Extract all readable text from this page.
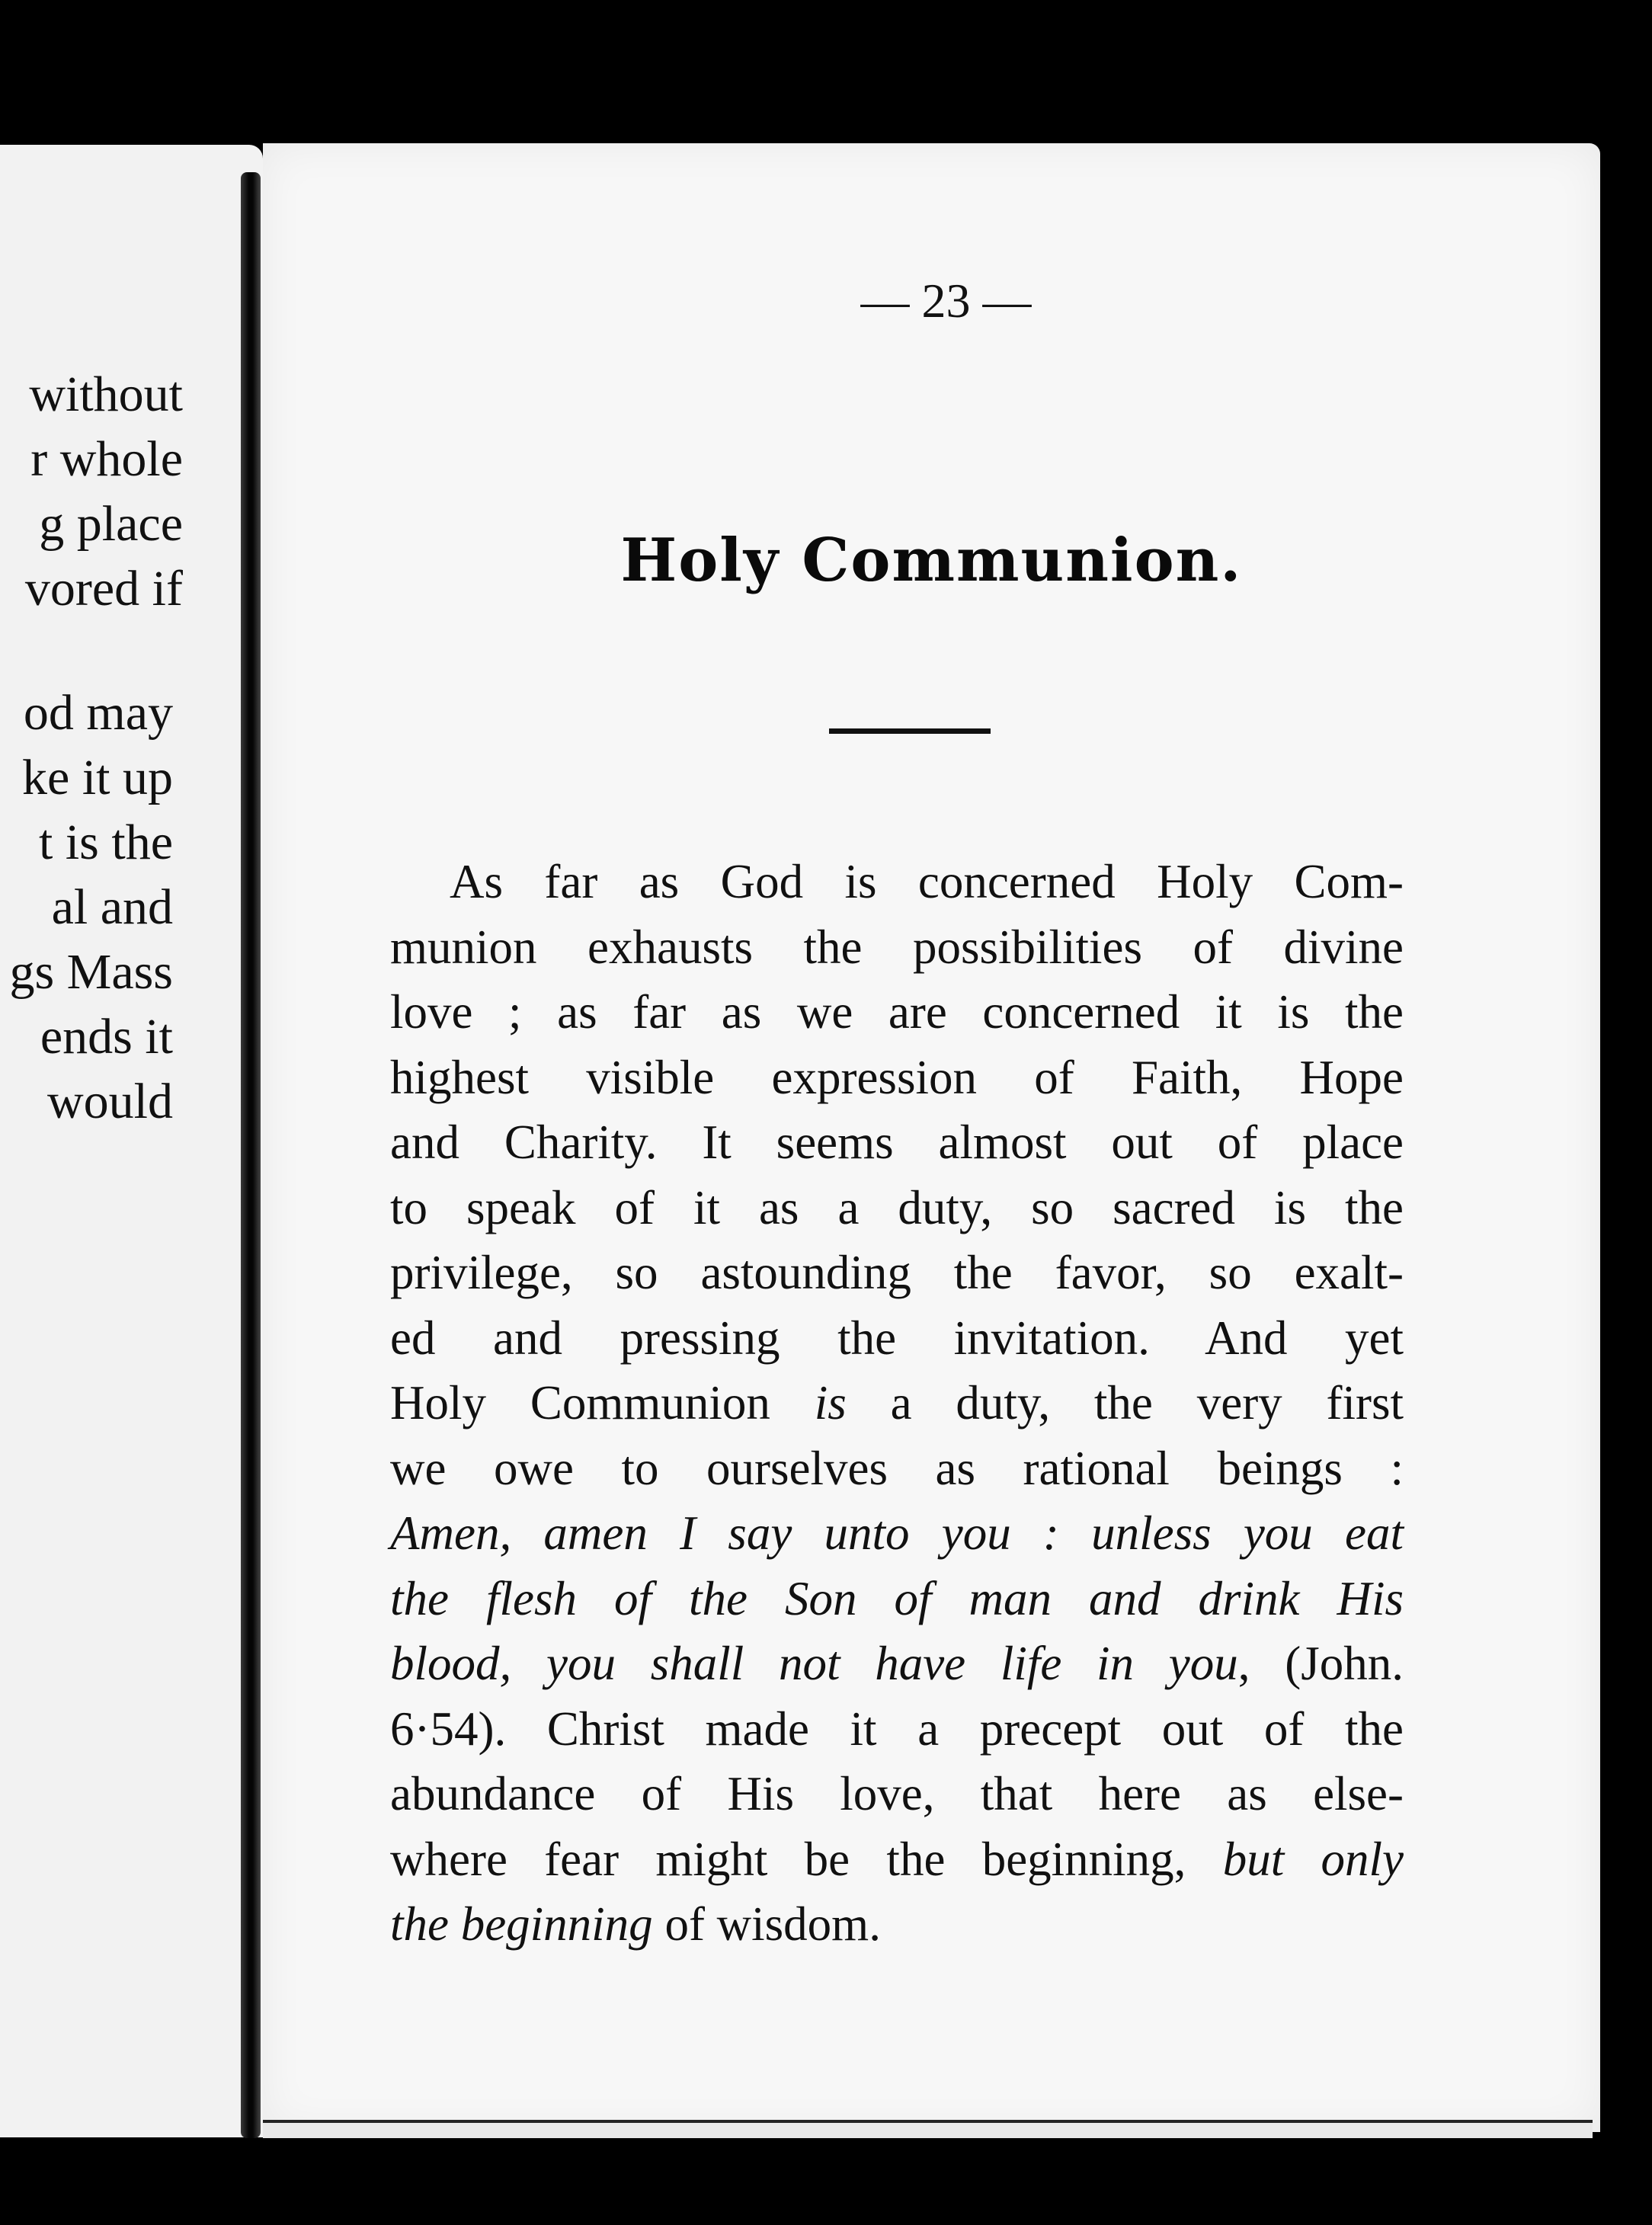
without
r whole
g place
vored if
od may
ke it up
t is the
al and
gs Mass
ends it
would
— 23 —
Holy Communion.
As far as God is concerned Holy Com-
munion exhausts the possibilities of divine
love ; as far as we are concerned it is the
highest visible expression of Faith, Hope
and Charity. It seems almost out of place
to speak of it as a duty, so sacred is the
privilege, so astounding the favor, so exalt-
ed and pressing the invitation. And yet
Holy Communion is a duty, the very first
we owe to ourselves as rational beings :
Amen, amen I say unto you : unless you eat
the flesh of the Son of man and drink His
blood, you shall not have life in you, (John.
6·54). Christ made it a precept out of the
abundance of His love, that here as else-
where fear might be the beginning, but only
the beginning of wisdom.
